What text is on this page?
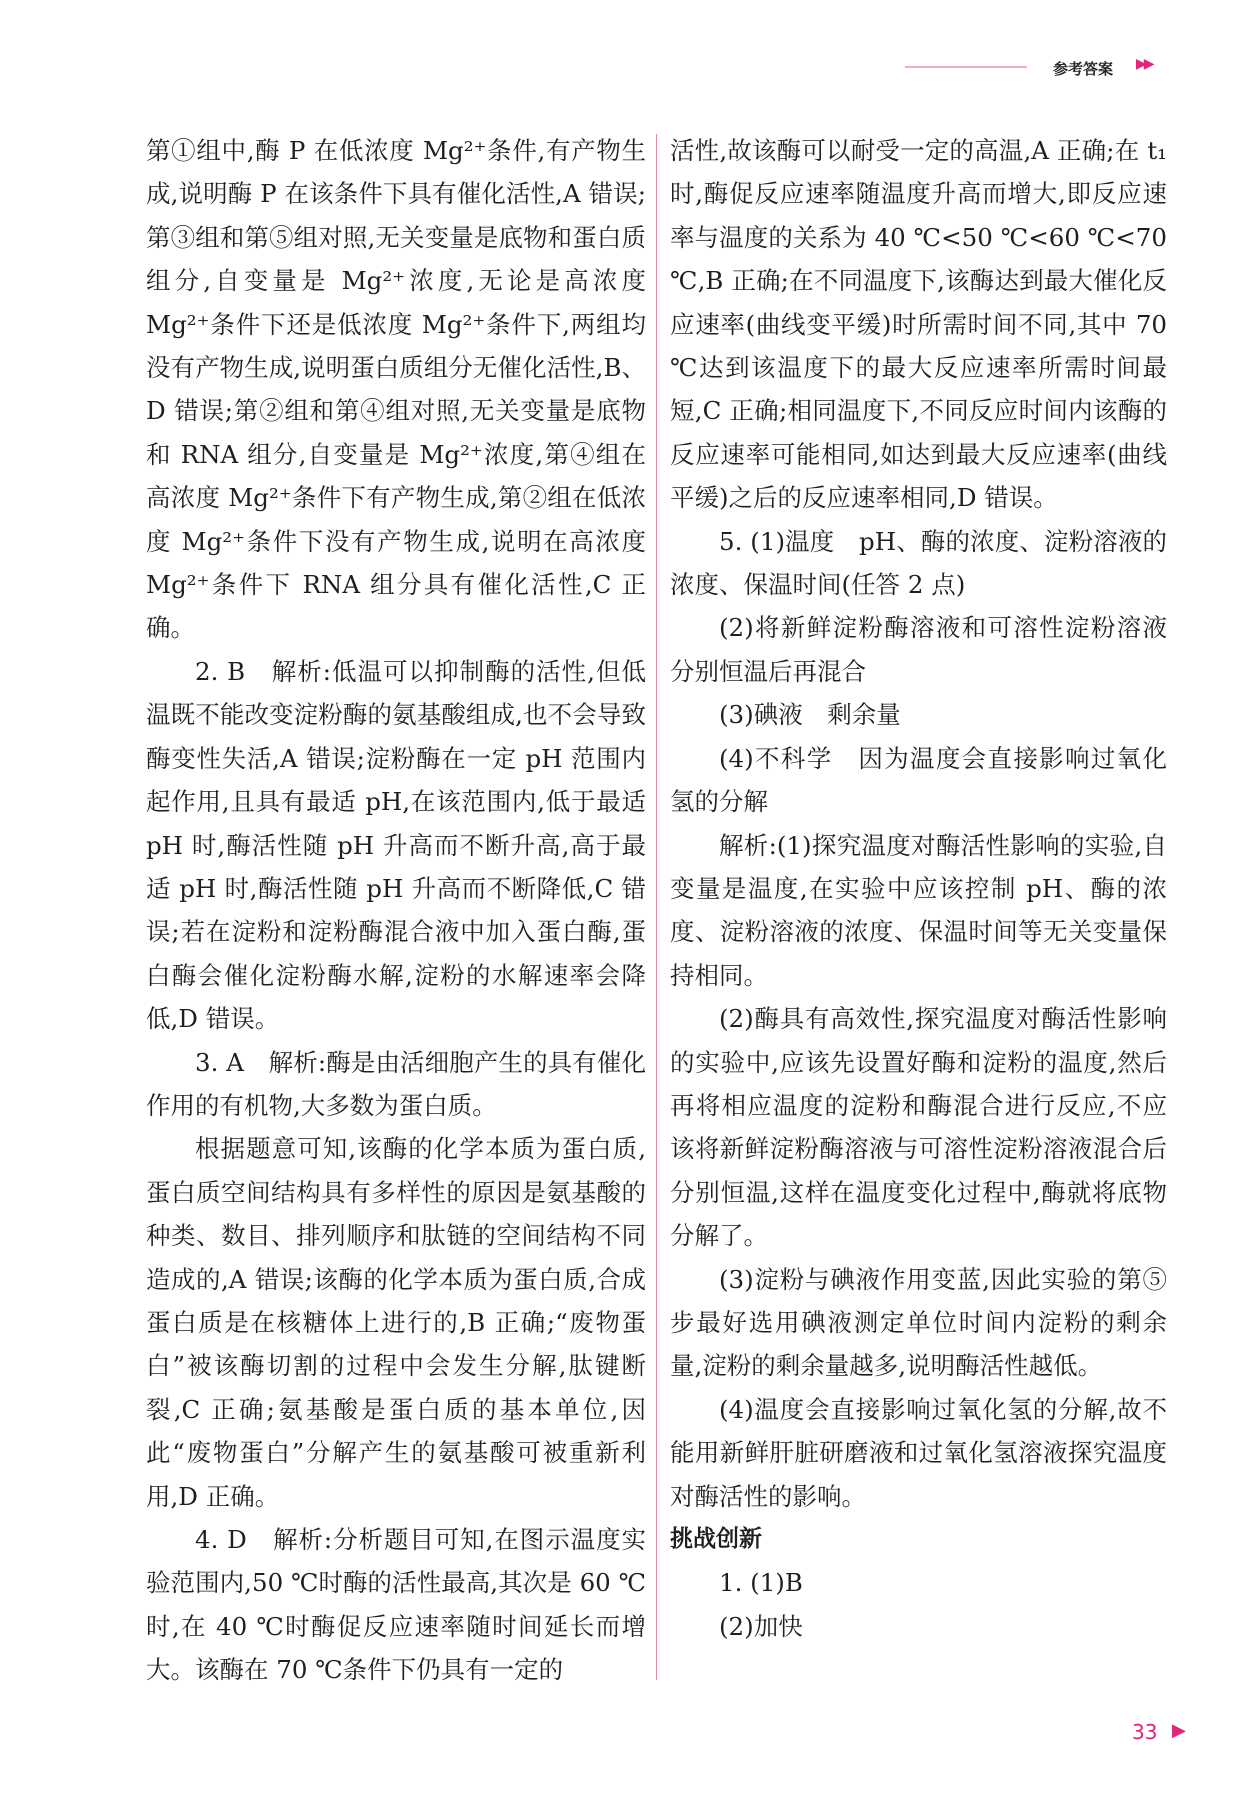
参考答案 ▶▶

第①组中,酶 P 在低浓度 Mg²⁺条件,有产物生成,说明酶 P 在该条件下具有催化活性,A 错误;第③组和第⑤组对照,无关变量是底物和蛋白质组分,自变量是 Mg²⁺浓度,无论是高浓度 Mg²⁺条件下还是低浓度 Mg²⁺条件下,两组均没有产物生成,说明蛋白质组分无催化活性,B、D 错误;第②组和第④组对照,无关变量是底物和 RNA 组分,自变量是 Mg²⁺浓度,第④组在高浓度 Mg²⁺条件下有产物生成,第②组在低浓度 Mg²⁺条件下没有产物生成,说明在高浓度 Mg²⁺条件下 RNA 组分具有催化活性,C 正确。

2. B　解析:低温可以抑制酶的活性,但低温既不能改变淀粉酶的氨基酸组成,也不会导致酶变性失活,A 错误;淀粉酶在一定 pH 范围内起作用,且具有最适 pH,在该范围内,低于最适 pH 时,酶活性随 pH 升高而不断升高,高于最适 pH 时,酶活性随 pH 升高而不断降低,C 错误;若在淀粉和淀粉酶混合液中加入蛋白酶,蛋白酶会催化淀粉酶水解,淀粉的水解速率会降低,D 错误。

3. A　解析:酶是由活细胞产生的具有催化作用的有机物,大多数为蛋白质。

根据题意可知,该酶的化学本质为蛋白质,蛋白质空间结构具有多样性的原因是氨基酸的种类、数目、排列顺序和肽链的空间结构不同造成的,A 错误;该酶的化学本质为蛋白质,合成蛋白质是在核糖体上进行的,B 正确;“废物蛋白”被该酶切割的过程中会发生分解,肽键断裂,C 正确;氨基酸是蛋白质的基本单位,因此“废物蛋白”分解产生的氨基酸可被重新利用,D 正确。

4. D　解析:分析题目可知,在图示温度实验范围内,50 ℃时酶的活性最高,其次是 60 ℃时,在 40 ℃时酶促反应速率随时间延长而增大。该酶在 70 ℃条件下仍具有一定的

活性,故该酶可以耐受一定的高温,A 正确;在 t₁ 时,酶促反应速率随温度升高而增大,即反应速率与温度的关系为 40 ℃<50 ℃<60 ℃<70 ℃,B 正确;在不同温度下,该酶达到最大催化反应速率(曲线变平缓)时所需时间不同,其中 70 ℃达到该温度下的最大反应速率所需时间最短,C 正确;相同温度下,不同反应时间内该酶的反应速率可能相同,如达到最大反应速率(曲线平缓)之后的反应速率相同,D 错误。

5. (1)温度　pH、酶的浓度、淀粉溶液的浓度、保温时间(任答 2 点)

(2)将新鲜淀粉酶溶液和可溶性淀粉溶液分别恒温后再混合

(3)碘液　剩余量

(4)不科学　因为温度会直接影响过氧化氢的分解

解析:(1)探究温度对酶活性影响的实验,自变量是温度,在实验中应该控制 pH、酶的浓度、淀粉溶液的浓度、保温时间等无关变量保持相同。

(2)酶具有高效性,探究温度对酶活性影响的实验中,应该先设置好酶和淀粉的温度,然后再将相应温度的淀粉和酶混合进行反应,不应该将新鲜淀粉酶溶液与可溶性淀粉溶液混合后分别恒温,这样在温度变化过程中,酶就将底物分解了。

(3)淀粉与碘液作用变蓝,因此实验的第⑤步最好选用碘液测定单位时间内淀粉的剩余量,淀粉的剩余量越多,说明酶活性越低。

(4)温度会直接影响过氧化氢的分解,故不能用新鲜肝脏研磨液和过氧化氢溶液探究温度对酶活性的影响。

挑战创新

1. (1)B

(2)加快

33 ▶
